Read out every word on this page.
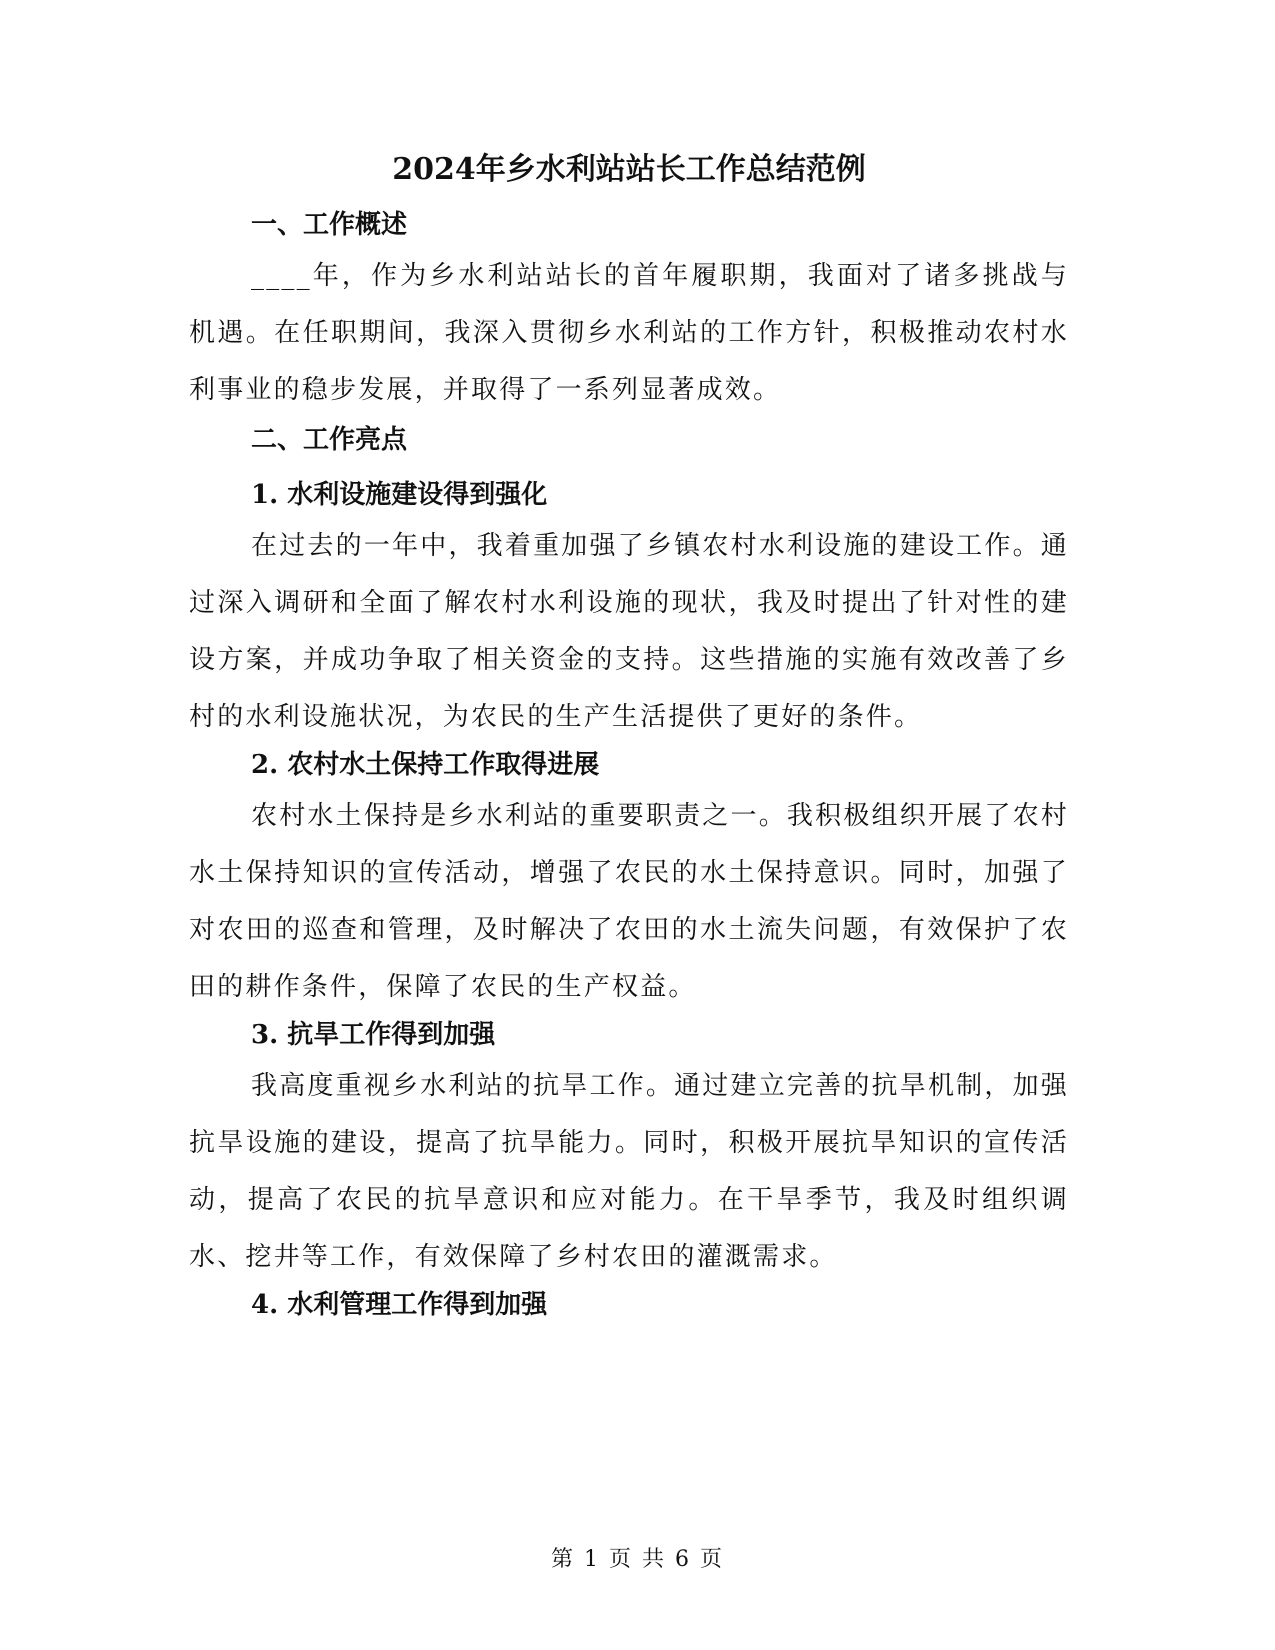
2024年乡水利站站长工作总结范例
一、工作概述

____年，作为乡水利站站长的首年履职期，我面对了诸多挑战与机遇。在任职期间，我深入贯彻乡水利站的工作方针，积极推动农村水利事业的稳步发展，并取得了一系列显著成效。

二、工作亮点
1. 水利设施建设得到强化

在过去的一年中，我着重加强了乡镇农村水利设施的建设工作。通过深入调研和全面了解农村水利设施的现状，我及时提出了针对性的建设方案，并成功争取了相关资金的支持。这些措施的实施有效改善了乡村的水利设施状况，为农民的生产生活提供了更好的条件。

2. 农村水土保持工作取得进展

农村水土保持是乡水利站的重要职责之一。我积极组织开展了农村水土保持知识的宣传活动，增强了农民的水土保持意识。同时，加强了对农田的巡查和管理，及时解决了农田的水土流失问题，有效保护了农田的耕作条件，保障了农民的生产权益。

3. 抗旱工作得到加强

我高度重视乡水利站的抗旱工作。通过建立完善的抗旱机制，加强抗旱设施的建设，提高了抗旱能力。同时，积极开展抗旱知识的宣传活动，提高了农民的抗旱意识和应对能力。在干旱季节，我及时组织调水、挖井等工作，有效保障了乡村农田的灌溉需求。

4. 水利管理工作得到加强
第 1 页 共 6 页
